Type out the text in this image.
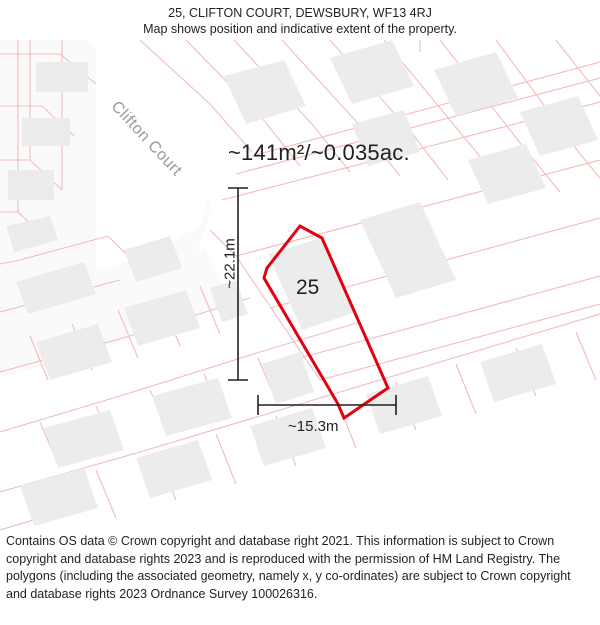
25, CLIFTON COURT, DEWSBURY, WF13 4RJ
Map shows position and indicative extent of the property.
~141m²/~0.035ac.
25
Clifton Court
~22.1m
~15.3m
Contains OS data © Crown copyright and database right 2021. This information is subject to Crown copyright and database rights 2023 and is reproduced with the permission of HM Land Registry. The polygons (including the associated geometry, namely x, y co-ordinates) are subject to Crown copyright and database rights 2023 Ordnance Survey 100026316.
